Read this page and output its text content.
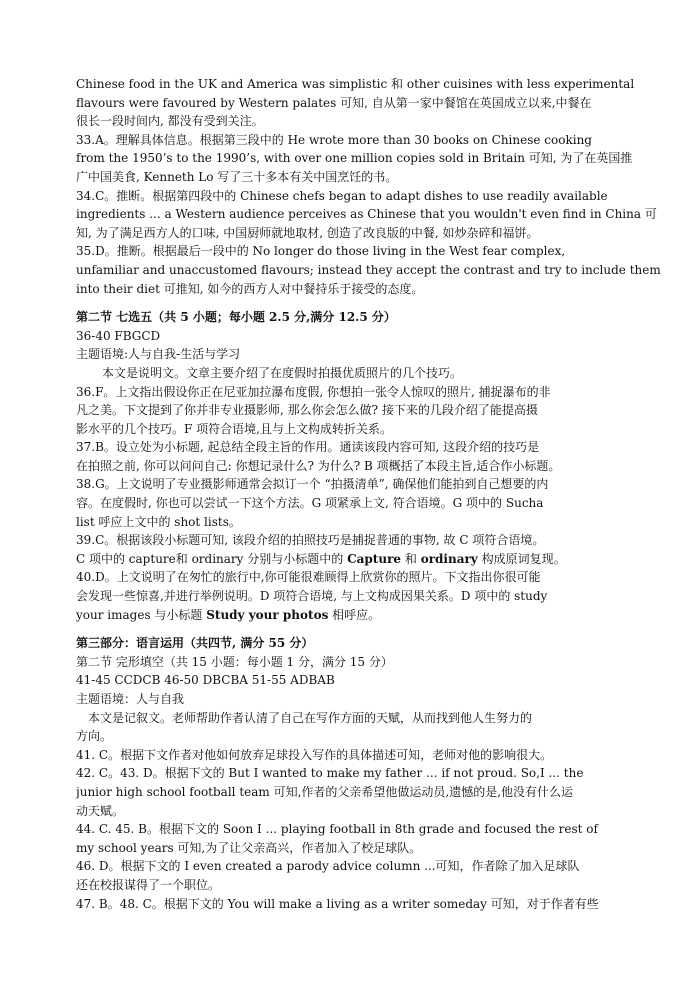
Chinese food in the UK and America was simplistic 和 other cuisines with less experimental
flavours were favoured by Western palates 可知, 自从第一家中餐馆在英国成立以来,中餐在
很长一段时间内, 都没有受到关注。
33.A。理解具体信息。根据第三段中的 He wrote more than 30 books on Chinese cooking
from the 1950’s to the 1990’s, with over one million copies sold in Britain 可知, 为了在英国推
广中国美食, Kenneth Lo 写了三十多本有关中国烹饪的书。
34.C。推断。根据第四段中的 Chinese chefs began to adapt dishes to use readily available
ingredients ... a Western audience perceives as Chinese that you wouldn't even find in China 可
知, 为了满足西方人的口味, 中国厨师就地取材, 创造了改良版的中餐, 如炒杂碎和福饼。
35.D。推断。根据最后一段中的 No longer do those living in the West fear complex,
unfamiliar and unaccustomed flavours; instead they accept the contrast and try to include them
into their diet 可推知, 如今的西方人对中餐持乐于接受的态度。
第二节 七选五（共 5 小题；每小题 2.5 分,满分 12.5 分）
36-40 FBGCD
主题语境:人与自我-生活与学习
本文是说明文。文章主要介绍了在度假时拍摄优质照片的几个技巧。
36.F。上文指出假设你正在尼亚加拉瀑布度假, 你想拍一张令人惊叹的照片, 捕捉瀑布的非
凡之美。下文提到了你并非专业摄影师, 那么你会怎么做? 接下来的几段介绍了能提高摄
影水平的几个技巧。F 项符合语境,且与上文构成转折关系。
37.B。设立处为小标题, 起总结全段主旨的作用。通读该段内容可知, 这段介绍的技巧是
在拍照之前, 你可以问问自己: 你想记录什么? 为什么? B 项概括了本段主旨,适合作小标题。
38.G。上文说明了专业摄影师通常会拟订一个 “拍摄清单”, 确保他们能拍到自己想要的内
容。在度假时, 你也可以尝试一下这个方法。G 项紧承上文, 符合语境。G 项中的 Sucha
list 呼应上文中的 shot lists。
39.C。根据该段小标题可知, 该段介绍的拍照技巧是捕捉普通的事物, 故 C 项符合语境。
C 项中的 capture和 ordinary 分别与小标题中的 Capture 和 ordinary 构成原词复现。
40.D。上文说明了在匆忙的旅行中,你可能很难顾得上欣赏你的照片。下文指出你很可能
会发现一些惊喜,并进行举例说明。D 项符合语境, 与上文构成因果关系。D 项中的 study
your images 与小标题 Study your photos 相呼应。
第三部分：语言运用（共四节, 满分 55 分）
第二节 完形填空（共 15 小题：每小题 1 分，满分 15 分）
41-45 CCDCB 46-50 DBCBA 51-55 ADBAB
主题语境：人与自我
本文是记叙文。老师帮助作者认清了自己在写作方面的天赋，从而找到他人生努力的
方向。
41. C。根据下文作者对他如何放弃足球投入写作的具体描述可知，老师对他的影响很大。
42. C。43. D。根据下文的 But I wanted to make my father ... if not proud. So,I ... the
junior high school football team 可知,作者的父亲希望他做运动员,遗憾的是,他没有什么运
动天赋。
44. C. 45. B。根据下文的 Soon I ... playing football in 8th grade and focused the rest of
my school years 可知,为了让父亲高兴，作者加入了校足球队。
46. D。根据下文的 I even created a parody advice column ...可知，作者除了加入足球队
还在校报谋得了一个职位。
47. B。48. C。根据下文的 You will make a living as a writer someday 可知，对于作者有些
